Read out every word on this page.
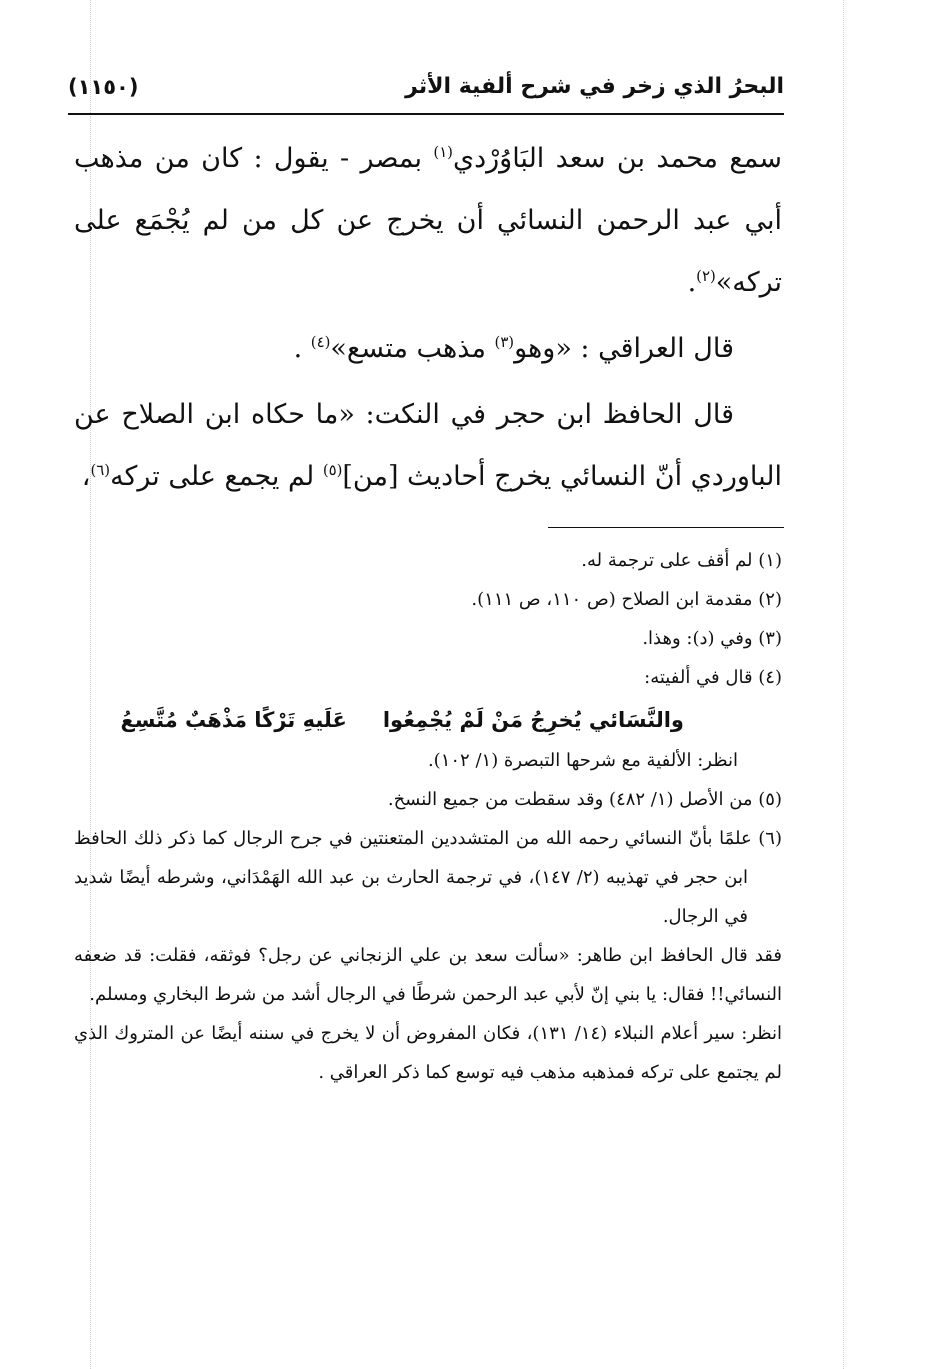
البحرُ الذي زخر في شرح ألفية الأثر
(١١٥٠)

سمع محمد بن سعد البَاوُرْدي$^{(١)}$ بمصر - يقول : كان من مذهب أبي عبد الرحمن النسائي أن يخرج عن كل من لم يُجْمَع على تركه»$^{(٢)}$.

قال العراقي : «وهو$^{(٣)}$ مذهب متسع»$^{(٤)}$ .

قال الحافظ ابن حجر في النكت: «ما حكاه ابن الصلاح عن الباوردي أنّ النسائي يخرج أحاديث [من]$^{(٥)}$ لم يجمع على تركه$^{(٦)}$،

(١) لم أقف على ترجمة له.

(٢) مقدمة ابن الصلاح (ص ١١٠، ص ١١١).

(٣) وفي (د): وهذا.

(٤) قال في ألفيته:

والنَّسَائي يُخرِجُ مَنْ لَمْ يُجْمِعُوا
عَلَيهِ تَرْكًا مَذْهَبٌ مُتَّسِعُ

انظر: الألفية مع شرحها التبصرة (١/ ١٠٢).

(٥) من الأصل (١/ ٤٨٢) وقد سقطت من جميع النسخ.

(٦) علمًا بأنّ النسائي رحمه الله من المتشددين المتعنتين في جرح الرجال كما ذكر ذلك الحافظ ابن حجر في تهذيبه (٢/ ١٤٧)، في ترجمة الحارث بن عبد الله الهَمْدَاني، وشرطه أيضًا شديد في الرجال.

فقد قال الحافظ ابن طاهر: «سألت سعد بن علي الزنجاني عن رجل؟ فوثقه، فقلت: قد ضعفه النسائي!! فقال: يا بني إنّ لأبي عبد الرحمن شرطًا في الرجال أشد من شرط البخاري ومسلم.

انظر: سير أعلام النبلاء (١٤/ ١٣١)، فكان المفروض أن لا يخرج في سننه أيضًا عن المتروك الذي لم يجتمع على تركه فمذهبه مذهب فيه توسع كما ذكر العراقي .
